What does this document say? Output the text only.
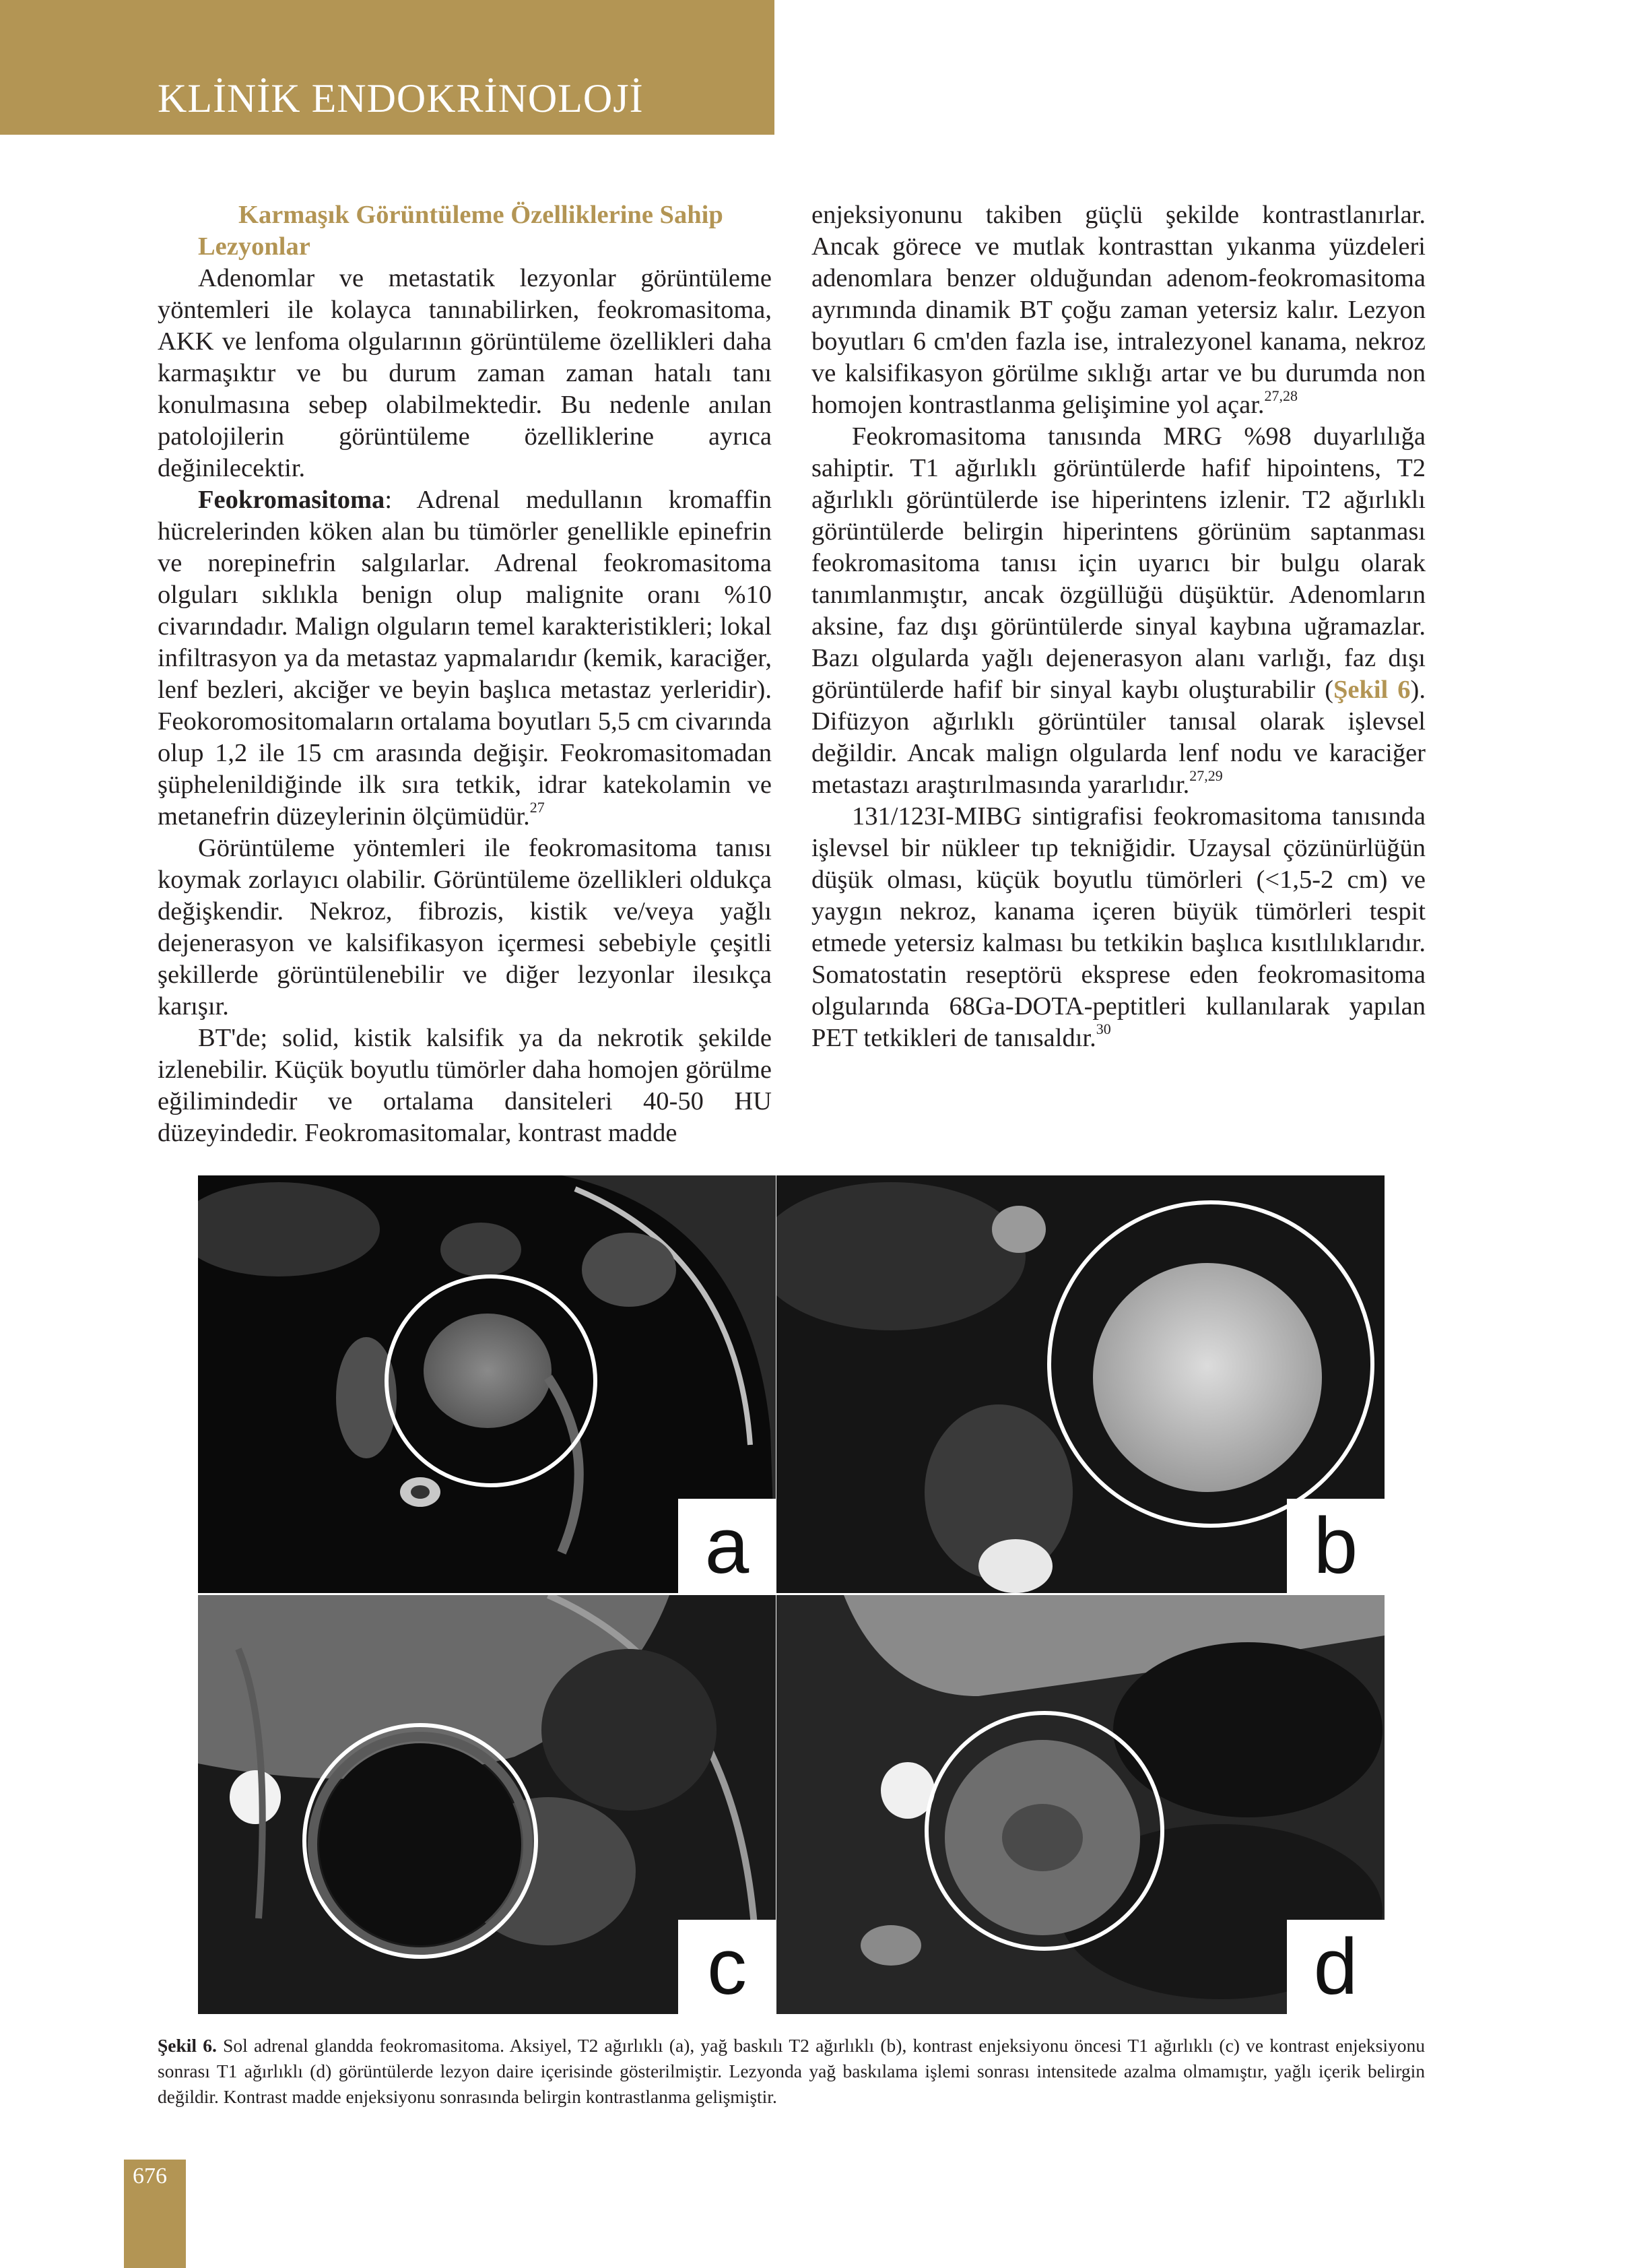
KLİNİK ENDOKRİNOLOJİ

Karmaşık Görüntüleme Özelliklerine Sahip
Lezyonlar

Adenomlar ve metastatik lezyonlar görüntüleme yöntemleri ile kolayca tanınabilirken, feokromasitoma, AKK ve lenfoma olgularının görüntüleme özellikleri daha karmaşıktır ve bu durum zaman zaman hatalı tanı konulmasına sebep olabilmektedir. Bu nedenle anılan patolojilerin görüntüleme özelliklerine ayrıca değinilecektir.

Feokromasitoma: Adrenal medullanın kromaffin hücrelerinden köken alan bu tümörler genellikle epinefrin ve norepinefrin salgılarlar. Adrenal feokromasitoma olguları sıklıkla benign olup malignite oranı %10 civarındadır. Malign olguların temel karakteristikleri; lokal infiltrasyon ya da metastaz yapmalarıdır (kemik, karaciğer, lenf bezleri, akciğer ve beyin başlıca metastaz yerleridir). Feokoromositomaların ortalama boyutları 5,5 cm civarında olup 1,2 ile 15 cm arasında değişir. Feokromasitomadan şüphelenildiğinde ilk sıra tetkik, idrar katekolamin ve metanefrin düzeylerinin ölçümüdür.$^{27}$

Görüntüleme yöntemleri ile feokromasitoma tanısı koymak zorlayıcı olabilir. Görüntüleme özellikleri oldukça değişkendir. Nekroz, fibrozis, kistik ve/veya yağlı dejenerasyon ve kalsifikasyon içermesi sebebiyle çeşitli şekillerde görüntülenebilir ve diğer lezyonlar ilesıkça karışır.

BT'de; solid, kistik kalsifik ya da nekrotik şekilde izlenebilir. Küçük boyutlu tümörler daha homojen görülme eğilimindedir ve ortalama dansiteleri 40-50 HU düzeyindedir. Feokromasitomalar, kontrast madde

enjeksiyonunu takiben güçlü şekilde kontrastlanırlar. Ancak görece ve mutlak kontrasttan yıkanma yüzdeleri adenomlara benzer olduğundan adenom-feokromasitoma ayrımında dinamik BT çoğu zaman yetersiz kalır. Lezyon boyutları 6 cm'den fazla ise, intralezyonel kanama, nekroz ve kalsifikasyon görülme sıklığı artar ve bu durumda non homojen kontrastlanma gelişimine yol açar.$^{27,28}$

Feokromasitoma tanısında MRG %98 duyarlılığa sahiptir. T1 ağırlıklı görüntülerde hafif hipointens, T2 ağırlıklı görüntülerde ise hiperintens izlenir. T2 ağırlıklı görüntülerde belirgin hiperintens görünüm saptanması feokromasitoma tanısı için uyarıcı bir bulgu olarak tanımlanmıştır, ancak özgüllüğü düşüktür. Adenomların aksine, faz dışı görüntülerde sinyal kaybına uğramazlar. Bazı olgularda yağlı dejenerasyon alanı varlığı, faz dışı görüntülerde hafif bir sinyal kaybı oluşturabilir (Şekil 6). Difüzyon ağırlıklı görüntüler tanısal olarak işlevsel değildir. Ancak malign olgularda lenf nodu ve karaciğer metastazı araştırılmasında yararlıdır.$^{27,29}$

131/123I-MIBG sintigrafisi feokromasitoma tanısında işlevsel bir nükleer tıp tekniğidir. Uzaysal çözünürlüğün düşük olması, küçük boyutlu tümörleri (<1,5-2 cm) ve yaygın nekroz, kanama içeren büyük tümörleri tespit etmede yetersiz kalması bu tetkikin başlıca kısıtlılıklarıdır. Somatostatin reseptörü eksprese eden feokromasitoma olgularında 68Ga-DOTA-peptitleri kullanılarak yapılan PET tetkikleri de tanısaldır.$^{30}$

a	b
c	d
Şekil 6. Sol adrenal glandda feokromasitoma. Aksiyel, T2 ağırlıklı (a), yağ baskılı T2 ağırlıklı (b), kontrast enjeksiyonu öncesi T1 ağırlıklı (c) ve kontrast enjeksiyonu sonrası T1 ağırlıklı (d) görüntülerde lezyon daire içerisinde gösterilmiştir. Lezyonda yağ baskılama işlemi sonrası intensitede azalma olmamıştır, yağlı içerik belirgin değildir. Kontrast madde enjeksiyonu sonrasında belirgin kontrastlanma gelişmiştir.
676
